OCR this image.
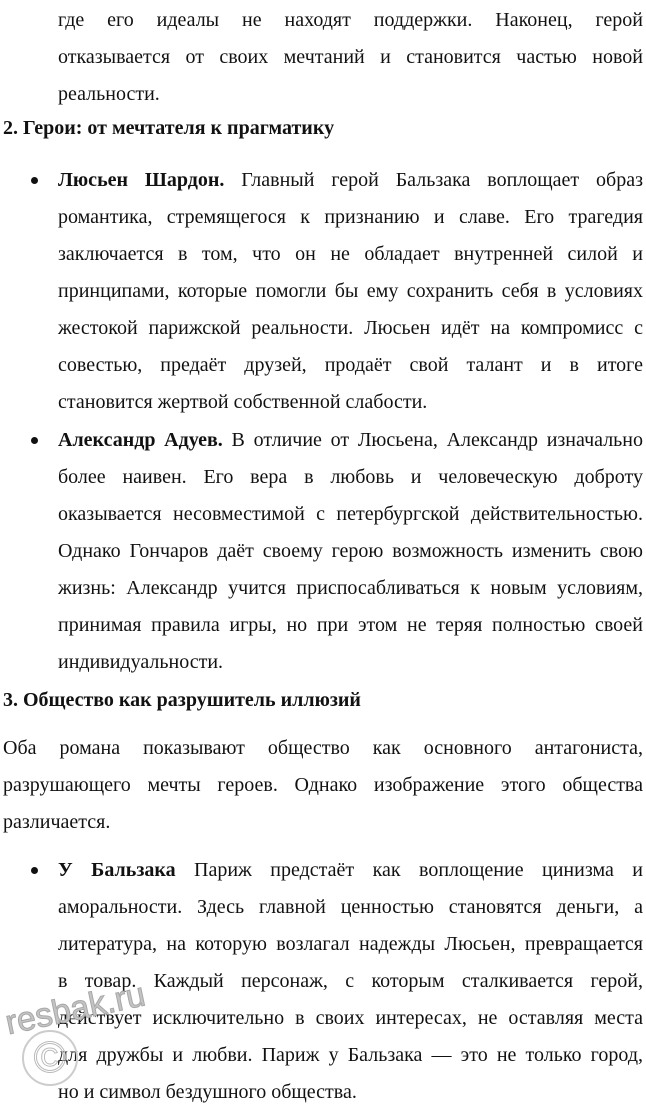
где его идеалы не находят поддержки. Наконец, герой
отказывается от своих мечтаний и становится частью новой
реальности.
2. Герои: от мечтателя к прагматику
Люсьен Шардон. Главный герой Бальзака воплощает образ
романтика, стремящегося к признанию и славе. Его трагедия
заключается в том, что он не обладает внутренней силой и
принципами, которые помогли бы ему сохранить себя в условиях
жестокой парижской реальности. Люсьен идёт на компромисс с
совестью, предаёт друзей, продаёт свой талант и в итоге
становится жертвой собственной слабости.
Александр Адуев. В отличие от Люсьена, Александр изначально
более наивен. Его вера в любовь и человеческую доброту
оказывается несовместимой с петербургской действительностью.
Однако Гончаров даёт своему герою возможность изменить свою
жизнь: Александр учится приспосабливаться к новым условиям,
принимая правила игры, но при этом не теряя полностью своей
индивидуальности.
3. Общество как разрушитель иллюзий
Оба романа показывают общество как основного антагониста,
разрушающего мечты героев. Однако изображение этого общества
различается.
У Бальзака Париж предстаёт как воплощение цинизма и
аморальности. Здесь главной ценностью становятся деньги, а
литература, на которую возлагал надежды Люсьен, превращается
в товар. Каждый персонаж, с которым сталкивается герой,
действует исключительно в своих интересах, не оставляя места
для дружбы и любви. Париж у Бальзака — это не только город,
но и символ бездушного общества.
resbak.ru
©
